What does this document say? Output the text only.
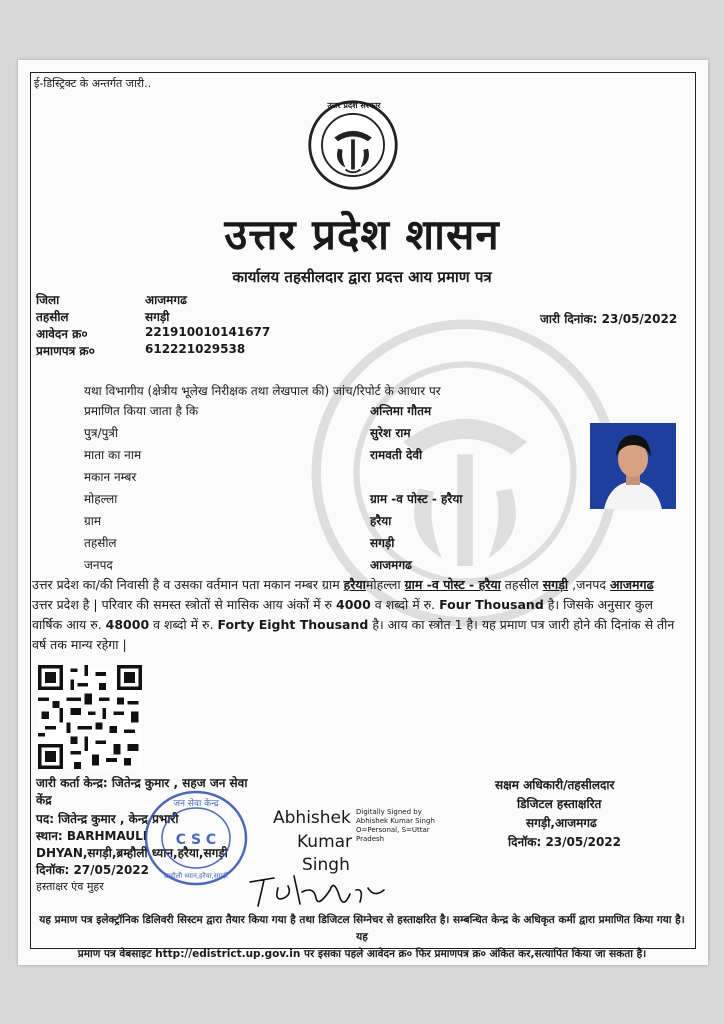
ई-डिस्ट्रिक्ट के अन्तर्गत जारी..
उत्तर प्रदेश सरकार
उत्तर प्रदेश शासन
कार्यालय तहसीलदार द्वारा प्रदत्त आय प्रमाण पत्र
जिला	आजमगढ
तहसील	सगड़ी
आवेदन क्र०	221910010141677
प्रमाणपत्र क्र०	612221029538
जारी दिनांक: 23/05/2022
यथा विभागीय (क्षेत्रीय भूलेख निरीक्षक तथा लेखपाल की) जांच/रिपोर्ट के आधार पर
प्रमाणित किया जाता है कि	अन्तिमा गौतम
पुत्र/पुत्री	सुरेश राम
माता का नाम	रामवती देवी
मकान नम्बर
मोहल्ला	ग्राम -व पोस्ट - हरैया
ग्राम	हरैया
तहसील	सगड़ी
जनपद	आजमगढ
उत्तर प्रदेश का/की निवासी है व उसका वर्तमान पता मकान नम्बर ग्राम हरैयामोहल्ला ग्राम -व पोस्ट - हरैया तहसील सगड़ी ,जनपद आजमगढ उत्तर प्रदेश है | परिवार की समस्त स्त्रोतों से मासिक आय अंकों में रु 4000 व शब्दो में रु. Four Thousand है। जिसके अनुसार कुल वार्षिक आय रु. 48000 व शब्दो में रु. Forty Eight Thousand है। आय का स्त्रोत 1 है। यह प्रमाण पत्र जारी होने की दिनांक से तीन वर्ष तक मान्य रहेगा |
जारी कर्ता केन्द्र: जितेन्द्र कुमार , सहज जन सेवा
केंद्र
पद: जितेन्द्र कुमार , केन्द्र प्रभारी
स्थान: BARHMAULI
DHYAN,सगड़ी,ब्रम्हौली ध्यान,हरैया,सगड़ी
दिनॉक: 27/05/2022
हस्ताक्षर एंव मुहर
जन सेवा केन्द्र
C S C
ब्रम्हौली ध्यान,हरैया,सगड़ी
Abhishek
Kumar
Singh
Digitally Signed by
Abhishek Kumar Singh
O=Personal, S=Uttar
Pradesh
सक्षम अधिकारी/तहसीलदार
डिजिटल हस्ताक्षरित
सगड़ी,आजमगढ
दिनॉक: 23/05/2022
यह प्रमाण पत्र इलेक्ट्रॉनिक डिलिवरी सिस्टम द्वारा तैयार किया गया है तथा डिजिटल सिग्नेचर से हस्ताक्षरित है। सम्बन्धित केन्द्र के अधिकृत कर्मी द्वारा प्रमाणित किया गया है। यह
प्रमाण पत्र वेबसाइट http://edistrict.up.gov.in पर इसका पहले आवेदन क्र० फिर प्रमाणपत्र क्र० अंकित कर,सत्यापित किया जा सकता है।
